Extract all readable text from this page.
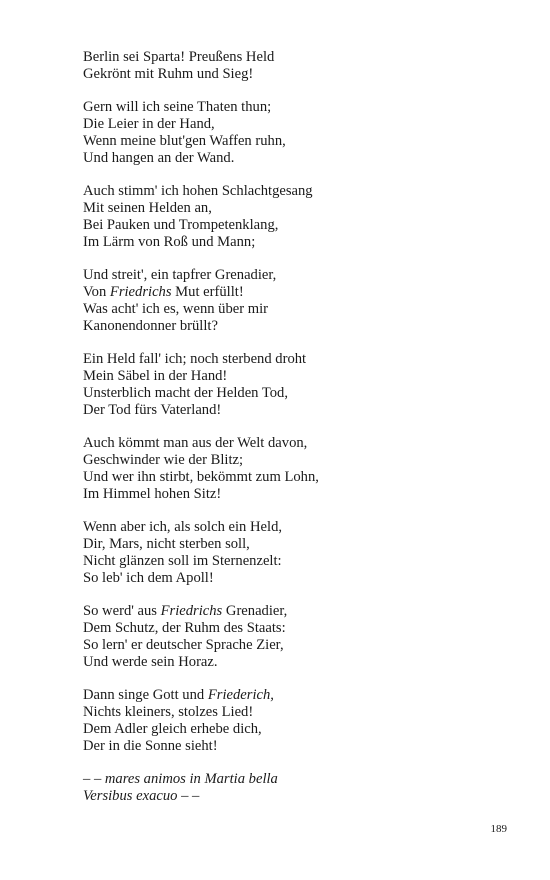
Berlin sei Sparta! Preußens Held
Gekrönt mit Ruhm und Sieg!
Gern will ich seine Thaten thun;
Die Leier in der Hand,
Wenn meine blut'gen Waffen ruhn,
Und hangen an der Wand.
Auch stimm' ich hohen Schlachtgesang
Mit seinen Helden an,
Bei Pauken und Trompetenklang,
Im Lärm von Roß und Mann;
Und streit', ein tapfrer Grenadier,
Von Friedrichs Mut erfüllt!
Was acht' ich es, wenn über mir
Kanonendonner brüllt?
Ein Held fall' ich; noch sterbend droht
Mein Säbel in der Hand!
Unsterblich macht der Helden Tod,
Der Tod fürs Vaterland!
Auch kömmt man aus der Welt davon,
Geschwinder wie der Blitz;
Und wer ihn stirbt, bekömmt zum Lohn,
Im Himmel hohen Sitz!
Wenn aber ich, als solch ein Held,
Dir, Mars, nicht sterben soll,
Nicht glänzen soll im Sternenzelt:
So leb' ich dem Apoll!
So werd' aus Friedrichs Grenadier,
Dem Schutz, der Ruhm des Staats:
So lern' er deutscher Sprache Zier,
Und werde sein Horaz.
Dann singe Gott und Friederich,
Nichts kleiners, stolzes Lied!
Dem Adler gleich erhebe dich,
Der in die Sonne sieht!
– – mares animos in Martia bella
Versibus exacuo – –
189
